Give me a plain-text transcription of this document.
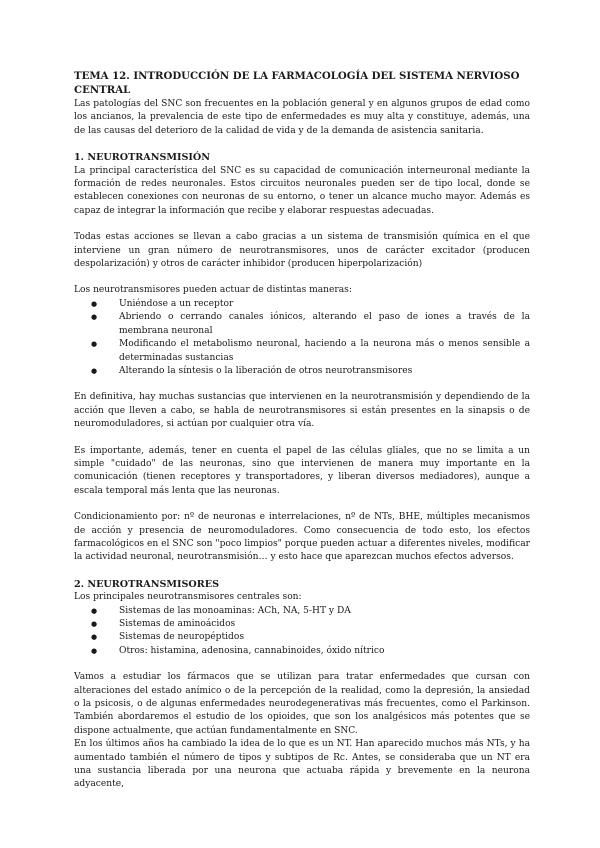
TEMA 12. INTRODUCCIÓN DE LA FARMACOLOGÍA DEL SISTEMA NERVIOSO CENTRAL

Las patologías del SNC son frecuentes en la población general y en algunos grupos de edad como los ancianos, la prevalencia de este tipo de enfermedades es muy alta y constituye, además, una de las causas del deterioro de la calidad de vida y de la demanda de asistencia sanitaria.

1. NEUROTRANSMISIÓN

La principal característica del SNC es su capacidad de comunicación interneuronal mediante la formación de redes neuronales. Estos circuitos neuronales pueden ser de tipo local, donde se establecen conexiones con neuronas de su entorno, o tener un alcance mucho mayor. Además es capaz de integrar la información que recibe y elaborar respuestas adecuadas.

Todas estas acciones se llevan a cabo gracias a un sistema de transmisión química en el que interviene un gran número de neurotransmisores, unos de carácter excitador (producen despolarización) y otros de carácter inhibidor (producen hiperpolarización)

Los neurotransmisores pueden actuar de distintas maneras:

● Uniéndose a un receptor
● Abriendo o cerrando canales iónicos, alterando el paso de iones a través de la membrana neuronal
● Modificando el metabolismo neuronal, haciendo a la neurona más o menos sensible a determinadas sustancias
● Alterando la síntesis o la liberación de otros neurotransmisores

En definitiva, hay muchas sustancias que intervienen en la neurotransmisión y dependiendo de la acción que lleven a cabo, se habla de neurotransmisores si están presentes en la sinapsis o de neuromoduladores, si actúan por cualquier otra vía.

Es importante, además, tener en cuenta el papel de las células gliales, que no se limita a un simple "cuidado" de las neuronas, sino que intervienen de manera muy importante en la comunicación (tienen receptores y transportadores, y liberan diversos mediadores), aunque a escala temporal más lenta que las neuronas.

Condicionamiento por: nº de neuronas e interrelaciones, nº de NTs, BHE, múltiples mecanismos de acción y presencia de neuromoduladores. Como consecuencia de todo esto, los efectos farmacológicos en el SNC son "poco limpios" porque pueden actuar a diferentes niveles, modificar la actividad neuronal, neurotransmisión… y esto hace que aparezcan muchos efectos adversos.

2. NEUROTRANSMISORES

Los principales neurotransmisores centrales son:

● Sistemas de las monoaminas: ACh, NA, 5-HT y DA
● Sistemas de aminoácidos
● Sistemas de neuropéptidos
● Otros: histamina, adenosina, cannabinoides, óxido nítrico

Vamos a estudiar los fármacos que se utilizan para tratar enfermedades que cursan con alteraciones del estado anímico o de la percepción de la realidad, como la depresión, la ansiedad o la psicosis, o de algunas enfermedades neurodegenerativas más frecuentes, como el Parkinson. También abordaremos el estudio de los opioides, que son los analgésicos más potentes que se dispone actualmente, que actúan fundamentalmente en SNC.

En los últimos años ha cambiado la idea de lo que es un NT. Han aparecido muchos más NTs, y ha aumentado también el número de tipos y subtipos de Rc. Antes, se consideraba que un NT era una sustancia liberada por una neurona que actuaba rápida y brevemente en la neurona adyacente,
